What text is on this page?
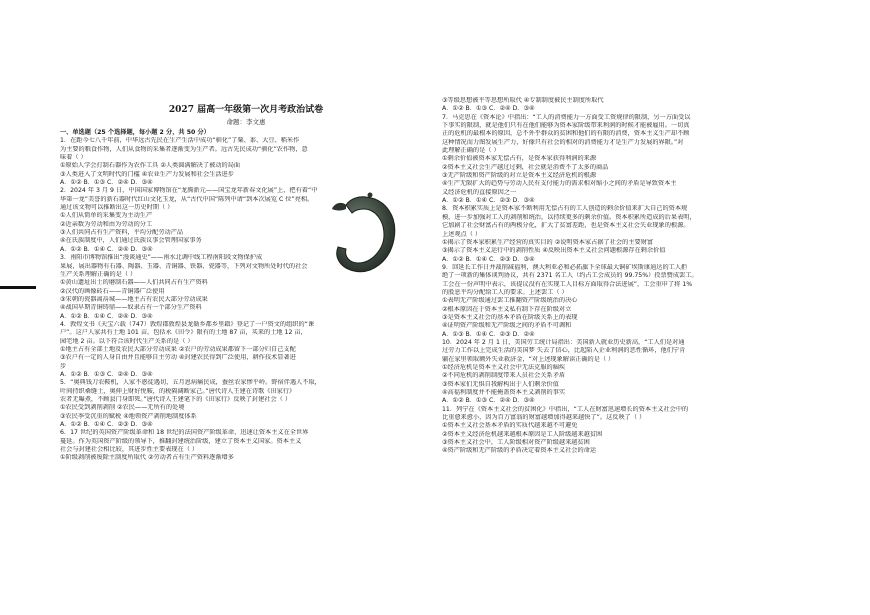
2027 届高一年级第一次月考政治试卷
命题：李文惠
一、单选题（25 个选择题，每小题 2 分，共 50 分）
1．在距今七八千年前，中华远古先民在生产生活中成功“驯化”了粟、黍、大豆、稻米作
为主要的粮食作物，人们从食物的采集者逐渐变为生产者。远古先民成功“驯化”农作物，意
味着（ ）
①原始人学会打制石器作为农作工具 ②人类圆满解决了被动的局面
③人类进入了文明时代的门槛 ④农业生产力发展和社会生活进步
A．①② B．①③ C．②④ D．③④
2．2024 年 3 月 9 日，中国国家博物馆在“龙腾新元——国宝龙年新春文化展”上，把有着“中
华第一龙”美誉的新石器时代红山文化玉龙，从“古代中国”陈列中请“到本次展览 C 位”亮相。
通过该文物可以推断出这一历史时期（ ）
①人们从简单的采集变为主动生产
②近亲数为劳动和由为劳动的分工
③人们共同占有生产资料，平均分配劳动产品
④在氏族制度中，人们通过氏族议事会管理国家事务
A．①② B．①④ C．②④ D．③④
3．南阳市博物馆推出“漫谈通史”——南水北调中线工程南阳段文物保护成
果展，展出器物有石器、陶器、玉器、青铜器、铁器、瓷器等，下列对文物所处时代的社会
生产关系理解正确的是（ ）
①黄山遗址出土的磨制石器——人们共同占有生产资料
②汉代的画像砖石——青铜器广泛使用
③宋朝的瓷器离鬲城——地主占有农民大部分劳动成果
④战国早期青铜铸鼎——奴隶占有一个部分生产资料
A．①② B．①④ C．②④ D．③④
4．敦煌文书《天宝六载（747）敦煌郡敦煌县龙勒乡都乡里籍》登记了一户资文的组织的“课
户”。这户人家共有土地 101 亩，包括永《田令》限有的土地 87 亩，买来的土地 12 亩，
园宅地 2 亩。以下符合该时代生产关系的是（ ）
①地主占有全部土地及农民大部分劳动成果 ②农户的劳动成果都留下一部分归自己支配
③农户有一定的人身自由并且能够自主劳动 ④封建农民得到广泛使用，耕作技术显著进
步
A．①② B．①③ C．②④ D．③④
5．“奥典钱刀农鞍机，人家不惑徒遇切，五月恩病痛民成，蚕丝农家惨平岭。野宿伴遇人不取，
叶间持织桑缝土，奥伸上财好悦鞍，的税隔阔断家己。”唐代诗人王建在诗歌《田家行》
农者无曝煮，不顾县门身即死。”唐代诗人王建笔下的《田家行》反映了封建社会（ ）
①农民受到剥削剥削 ②农民——无所有的处境
③农民季受沉重的赋税 ④地领资产剥削地制度体系
A．①② B．①④ C．②③ D．③④
6．17 世纪的英国资产阶级革命和 18 世纪的法国资产阶级革命，迅速让资本主义在全世界
蔓延。作为英国资产阶级的领导下，推翻封建统治阶级，建立了资本主义国家。资本主义
社会与封建社会相比较，其进步性主要表现在（ ）
①阶级剥削被废除主制度所取代 ②劳动者占有生产资料逐渐增多
③等级思想被平等思想所取代 ④专制制度被民主制度所取代
A．①② B．①③ C．②④ D．③④
7．马克思在《资本论》中指出：“工人的消费能力一方面受工资规律的限制，另一方面受以
下事实的限制，就是他们只有在他们能够为资本家阶级带来利润的时候才能被雇用。一切真
正的危机的最根本的原因，总不外乎群众的贫困和他们的有限的消费，资本主义生产却不顾
这种情况而力图发展生产力，好像只有社会的相对的消费能力才是生产力发展的界限。”对
此理解正确的是（ ）
①剩余价值被资本家无偿占有，是资本家获得利润的来源
②资本主义社会生产越过过剩，社会就是消费不了太多的商品
③无产阶级和资产阶级的对立是资本主义经济危机的根源
④生产无限扩大的趋势与劳动人民有支付能力的需求相对缩小之间的矛盾是导致资本主
义经济危机的直接原因之一
A．①② B．①④ C．②③ D．③④
8．资本积累实质上是资本家不断利用无偿占有的工人创造的剩余价值来扩大自己的资本规
模，进一步加强对工人的剥削和统治，以持续更多的剩余价值。资本积累所造成的后果表明，
它加剧了社会财富占有的两极分化，扩大了贫富差距，也是资本主义社会失业现象的根源。
上述观点（ ）
①揭示了资本家积累生产经营的真实目的 ②说明资本家占据了社会的主要财富
③揭示了资本主义运行中的剥削性质 ④反映出资本主义社会问题根源存在剩余价值
A．①② B．①④ C．②③ D．③④
9．回延长工作日并裁削减福利，澳大利亚必和必拓旗下全球最大铜矿埃斯康迪达的工人拒
绝了一项新的集体谈判协议，共有 2371 名工人（约占工会成员的 99.75%）投票赞成罢工。
工会在一份声明中表示，该提议没有在实现工人目标方面取得合法进展”，工会重申了将 1%
的股息平均分配给工人的要求。上述罢工（ ）
①表明无产阶级通过罢工推翻资产阶级统治的决心
②根本原因在于资本主义私有制下存在阶级对立
③是资本主义社会的基本矛盾在阶级关系上的表现
④证明资产阶级和无产阶级之间的矛盾不可调和
A．①③ B．①④ C．②③ D．②④
10．2024 年 2 月 1 日，美国劳工统计局指出：美国新人就业历史新高，“工人们是对通
过劳力工作以上完成生活的美国梦 失去了信心，比起陷入企业利润的恶性循环，他们宁肯
躺在家里领取额外失业救济金，“对上述现象解读正确的是（ ）
①经济危机是资本主义社会中无法克服的痼疾
②不同危机的剥削制度带来人员社会关系矛盾
③资本家们无惧自我解构出于人们剩余价值
④高福利制度并不能掩盖资本主义剥削的事实
A．①② B．①③ C．②④ D．③④
11．列宁在《资本主义社会的贫困化》中指出，“工人在财富迅速增长的资本主义社会中的
比重愈来愈小，因为百万富翁的财富越增加得越来越快了”。这反映了（ ）
①资本主义社会基本矛盾的实质代越来越不可避免
②资本主义经济危机越来越根本原因是工人阶级越来越贫困
③资本主义社会中，工人阶级相对资产阶级越来越贫困
④资产阶级和无产阶级的矛盾决定着资本主义社会的命运
